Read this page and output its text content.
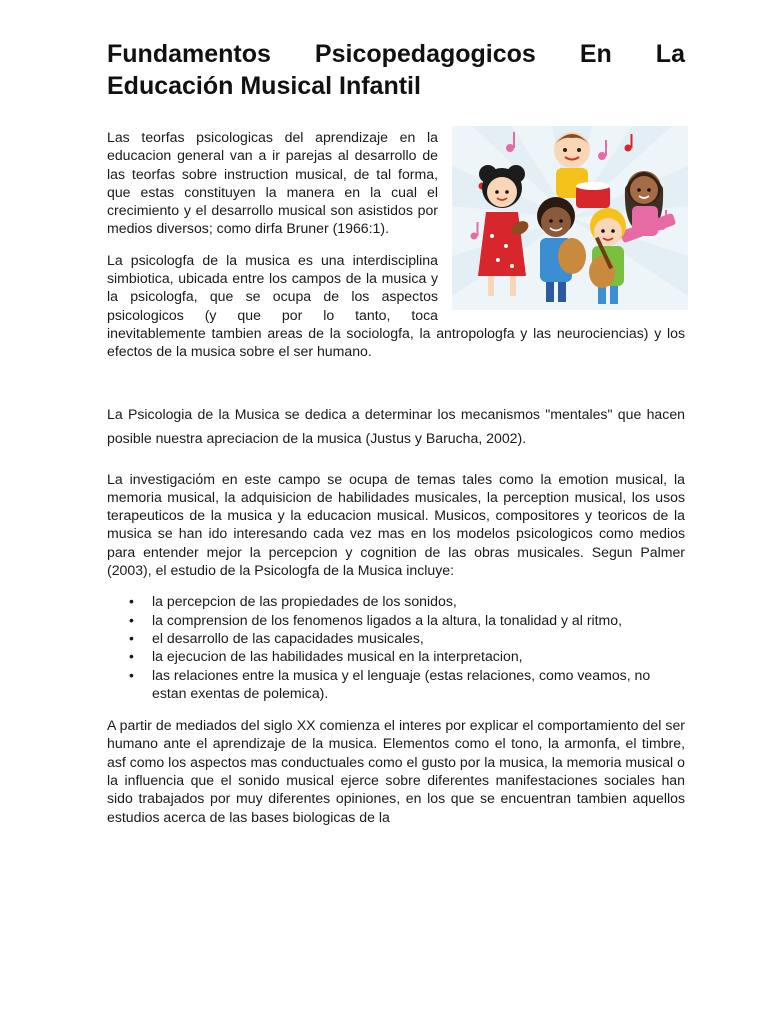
Fundamentos Psicopedagogicos En La Educación Musical Infantil

Las teorfas psicologicas del aprendizaje en la educacion general van a ir parejas al desarrollo de las teorfas sobre instruction musical, de tal forma, que estas constituyen la manera en la cual el crecimiento y el desarrollo musical son asistidos por medios diversos; como dirfa Bruner (1966:1).

La psicologfa de la musica es una interdisciplina simbiotica, ubicada entre los campos de la musica y la psicologfa, que se ocupa de los aspectos psicologicos (y que por lo tanto, toca inevitablemente tambien areas de la sociologfa, la antropologfa y las neurociencias) y los efectos de la musica sobre el ser humano.

La Psicologia de la Musica se dedica a determinar los mecanismos "mentales" que hacen posible nuestra apreciacion de la musica (Justus y Barucha, 2002).

La investigaciόm en este campo se ocupa de temas tales como la emotion musical, la memoria musical, la adquisicion de habilidades musicales, la perception musical, los usos terapeuticos de la musica y la educacion musical. Musicos, compositores y teoricos de la musica se han ido interesando cada vez mas en los modelos psicologicos como medios para entender mejor la percepcion y cognition de las obras musicales. Segun Palmer (2003), el estudio de la Psicologfa de la Musica incluye:

• la percepcion de las propiedades de los sonidos,
• la comprension de los fenomenos ligados a la altura, la tonalidad y al ritmo,
• el desarrollo de las capacidades musicales,
• la ejecucion de las habilidades musical en la interpretacion,
• las relaciones entre la musica y el lenguaje (estas relaciones, como veamos, no estan exentas de polemica).

A partir de mediados del siglo XX comienza el interes por explicar el comportamiento del ser humano ante el aprendizaje de la musica. Elementos como el tono, la armonfa, el timbre, asf como los aspectos mas conductuales como el gusto por la musica, la memoria musical o la influencia que el sonido musical ejerce sobre diferentes manifestaciones sociales han sido trabajados por muy diferentes opiniones, en los que se encuentran tambien aquellos estudios acerca de las bases biologicas de la
